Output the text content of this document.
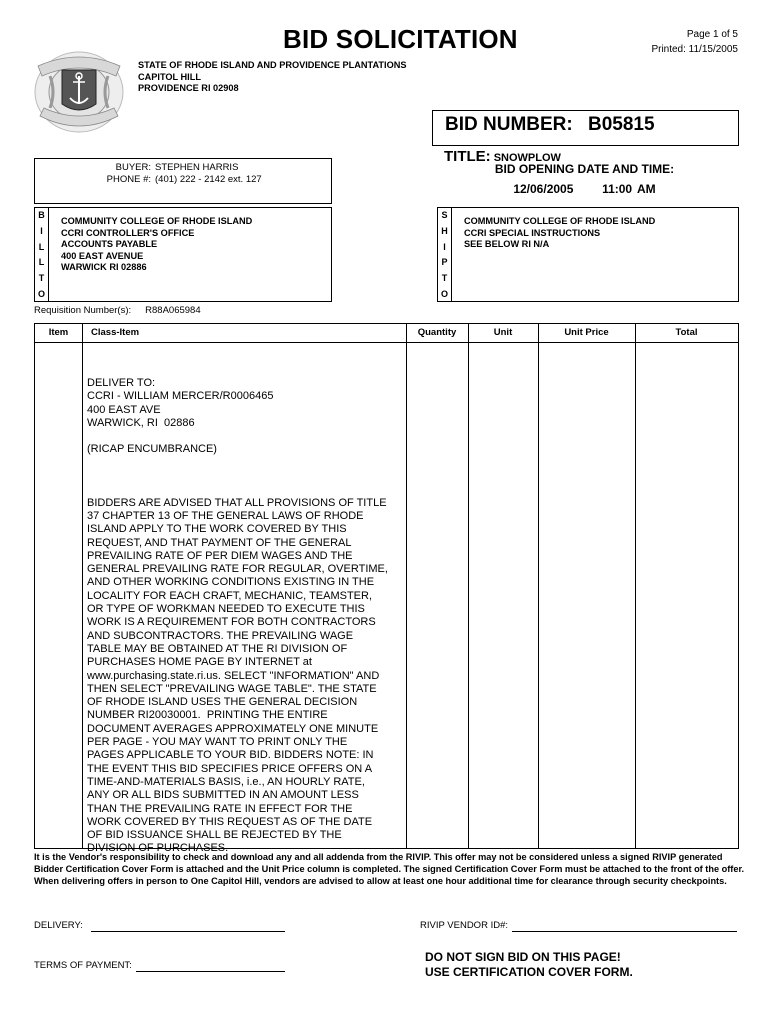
BID SOLICITATION	Page 1 of 5
Printed: 11/15/2005
STATE OF RHODE ISLAND AND PROVIDENCE PLANTATIONS
CAPITOL HILL
PROVIDENCE RI 02908
BID NUMBER: B05815
TITLE: SNOWPLOW
BID OPENING DATE AND TIME:
12/06/2005 11:00 AM
BUYER: STEPHEN HARRIS
PHONE #: (401) 222 - 2142 ext. 127
B
I
L
L
T
O
COMMUNITY COLLEGE OF RHODE ISLAND
CCRI CONTROLLER'S OFFICE
ACCOUNTS PAYABLE
400 EAST AVENUE
WARWICK RI 02886
S
H
I
P
T
O
COMMUNITY COLLEGE OF RHODE ISLAND
CCRI SPECIAL INSTRUCTIONS
SEE BELOW RI N/A
Requisition Number(s): R88A065984
Item	Class-Item	Quantity	Unit	Unit Price	Total
DELIVER TO:
CCRI - WILLIAM MERCER/R0006465
400 EAST AVE
WARWICK, RI  02886

(RICAP ENCUMBRANCE)

BIDDERS ARE ADVISED THAT ALL PROVISIONS OF TITLE
37 CHAPTER 13 OF THE GENERAL LAWS OF RHODE
ISLAND APPLY TO THE WORK COVERED BY THIS
REQUEST, AND THAT PAYMENT OF THE GENERAL
PREVAILING RATE OF PER DIEM WAGES AND THE
GENERAL PREVAILING RATE FOR REGULAR, OVERTIME,
AND OTHER WORKING CONDITIONS EXISTING IN THE
LOCALITY FOR EACH CRAFT, MECHANIC, TEAMSTER,
OR TYPE OF WORKMAN NEEDED TO EXECUTE THIS
WORK IS A REQUIREMENT FOR BOTH CONTRACTORS
AND SUBCONTRACTORS. THE PREVAILING WAGE
TABLE MAY BE OBTAINED AT THE RI DIVISION OF
PURCHASES HOME PAGE BY INTERNET at
www.purchasing.state.ri.us. SELECT "INFORMATION" AND
THEN SELECT "PREVAILING WAGE TABLE". THE STATE
OF RHODE ISLAND USES THE GENERAL DECISION
NUMBER RI20030001.  PRINTING THE ENTIRE
DOCUMENT AVERAGES APPROXIMATELY ONE MINUTE
PER PAGE - YOU MAY WANT TO PRINT ONLY THE
PAGES APPLICABLE TO YOUR BID. BIDDERS NOTE: IN
THE EVENT THIS BID SPECIFIES PRICE OFFERS ON A
TIME-AND-MATERIALS BASIS, i.e., AN HOURLY RATE,
ANY OR ALL BIDS SUBMITTED IN AN AMOUNT LESS
THAN THE PREVAILING RATE IN EFFECT FOR THE
WORK COVERED BY THIS REQUEST AS OF THE DATE
OF BID ISSUANCE SHALL BE REJECTED BY THE
DIVISION OF PURCHASES.
It is the Vendor's responsibility to check and download any and all addenda from the RIVIP. This offer may not be considered unless a signed RIVIP generated Bidder Certification Cover Form is attached and the Unit Price column is completed. The signed Certification Cover Form must be attached to the front of the offer. When delivering offers in person to One Capitol Hill, vendors are advised to allow at least one hour additional time for clearance through security checkpoints.
DELIVERY:	RIVIP VENDOR ID#:
TERMS OF PAYMENT:
DO NOT SIGN BID ON THIS PAGE!
USE CERTIFICATION COVER FORM.
